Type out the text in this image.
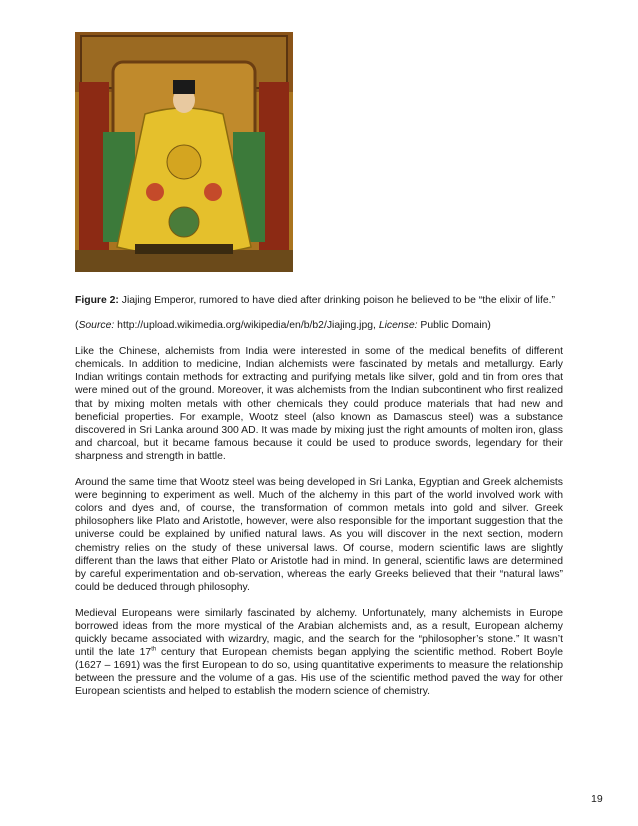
Figure 2: Jiajing Emperor, rumored to have died after drinking poison he believed to be “the elixir of life.”

(Source: http://upload.wikimedia.org/wikipedia/en/b/b2/Jiajing.jpg, License: Public Domain)

Like the Chinese, alchemists from India were interested in some of the medical benefits of different chemicals. In addition to medicine, Indian alchemists were fascinated by metals and metallurgy. Early Indian writings contain methods for extracting and purifying metals like silver, gold and tin from ores that were mined out of the ground. Moreover, it was alchemists from the Indian subcontinent who first realized that by mixing molten metals with other chemicals they could produce materials that had new and beneficial properties. For example, Wootz steel (also known as Damascus steel) was a substance discovered in Sri Lanka around 300 AD. It was made by mixing just the right amounts of molten iron, glass and charcoal, but it became famous because it could be used to produce swords, legendary for their sharpness and strength in battle.

Around the same time that Wootz steel was being developed in Sri Lanka, Egyptian and Greek alchemists were beginning to experiment as well. Much of the alchemy in this part of the world involved work with colors and dyes and, of course, the transformation of common metals into gold and silver. Greek philosophers like Plato and Aristotle, however, were also responsible for the important suggestion that the universe could be explained by unified natural laws. As you will discover in the next section, modern chemistry relies on the study of these universal laws. Of course, modern scientific laws are slightly different than the laws that either Plato or Aristotle had in mind. In general, scientific laws are determined by careful experimentation and ob-servation, whereas the early Greeks believed that their “natural laws” could be deduced through philosophy.

Medieval Europeans were similarly fascinated by alchemy. Unfortunately, many alchemists in Europe borrowed ideas from the more mystical of the Arabian alchemists and, as a result, European alchemy quickly became associated with wizardry, magic, and the search for the “philosopher’s stone.” It wasn’t until the late 17th century that European chemists began applying the scientific method. Robert Boyle (1627 – 1691) was the first European to do so, using quantitative experiments to measure the relationship between the pressure and the volume of a gas. His use of the scientific method paved the way for other European scientists and helped to establish the modern science of chemistry.

19
